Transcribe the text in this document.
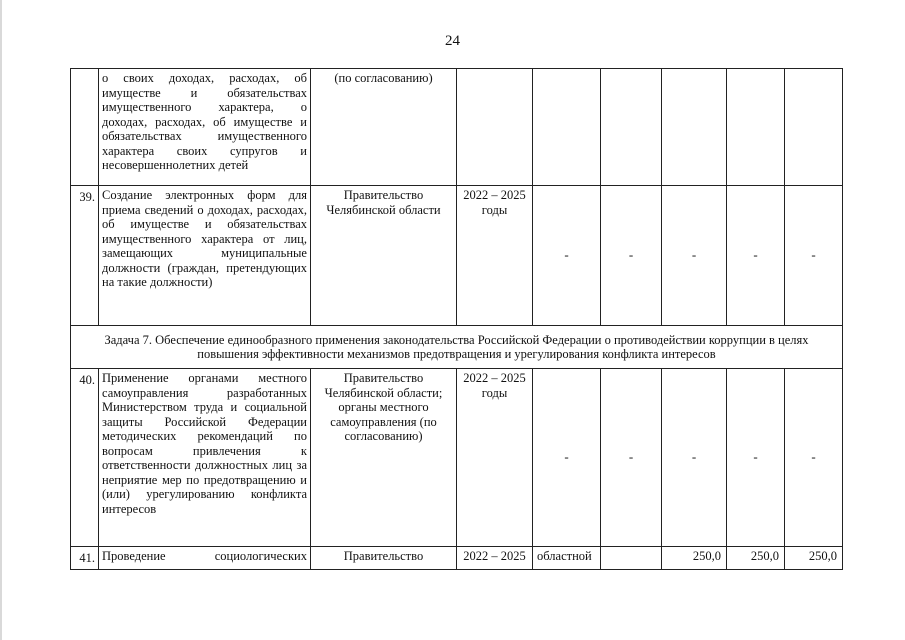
24
	о своих доходах, расходах, об имуществе и обязательствах имущественного характера, о доходах, расходах, об имуществе и обязательствах имущественного характера своих супругов и несовершеннолетних детей	(по согласованию)						
39.	Создание электронных форм для приема сведений о доходах, расходах, об имуществе и обязательствах имущественного характера от лиц, замещающих муниципальные должности (граждан, претендующих на такие должности)	Правительство Челябинской области	2022 – 2025 годы	-	-	-	-	-
Задача 7. Обеспечение единообразного применения законодательства Российской Федерации о противодействии коррупции в целях повышения эффективности механизмов предотвращения и урегулирования конфликта интересов								
40.	Применение органами местного самоуправления разработанных Министерством труда и социальной защиты Российской Федерации методических рекомендаций по вопросам привлечения к ответственности должностных лиц за неприятие мер по предотвращению и (или) урегулированию конфликта интересов	Правительство Челябинской области; органы местного самоуправления (по согласованию)	2022 – 2025 годы	-	-	-	-	-
41.	Проведение социологических	Правительство	2022 – 2025	областной		250,0	250,0	250,0
